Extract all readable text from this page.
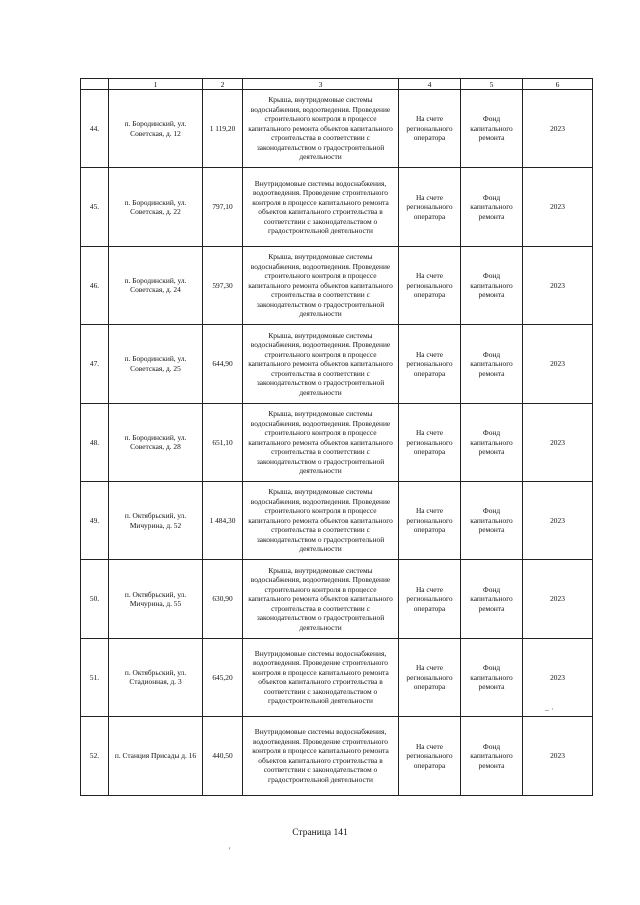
	1	2	3	4	5	6
44.	п. Бородинский, ул. Советская, д. 12	1 119,20	Крыша, внутридомовые системы водоснабжения, водоотведения. Проведение строительного контроля в процессе капитального ремонта объектов капитального строительства в соответствии с законодательством о градостроительной деятельности	На счете регионального оператора	Фонд капитального ремонта	2023
45.	п. Бородинский, ул. Советская, д. 22	797,10	Внутридомовые системы водоснабжения, водоотведения. Проведение строительного контроля в процессе капитального ремонта объектов капитального строительства в соответствии с законодательством о градостроительной деятельности	На счете регионального оператора	Фонд капитального ремонта	2023
46.	п. Бородинский, ул. Советская, д. 24	597,30	Крыша, внутридомовые системы водоснабжения, водоотведения. Проведение строительного контроля в процессе капитального ремонта объектов капитального строительства в соответствии с законодательством о градостроительной деятельности	На счете регионального оператора	Фонд капитального ремонта	2023
47.	п. Бородинский, ул. Советская, д. 25	644,90	Крыша, внутридомовые системы водоснабжения, водоотведения. Проведение строительного контроля в процессе капитального ремонта объектов капитального строительства в соответствии с законодательством о градостроительной деятельности	На счете регионального оператора	Фонд капитального ремонта	2023
48.	п. Бородинский, ул. Советская, д. 28	651,10	Крыша, внутридомовые системы водоснабжения, водоотведения. Проведение строительного контроля в процессе капитального ремонта объектов капитального строительства в соответствии с законодательством о градостроительной деятельности	На счете регионального оператора	Фонд капитального ремонта	2023
49.	п. Октябрьский, ул. Мичурина, д. 52	1 484,30	Крыша, внутридомовые системы водоснабжения, водоотведения. Проведение строительного контроля в процессе капитального ремонта объектов капитального строительства в соответствии с законодательством о градостроительной деятельности	На счете регионального оператора	Фонд капитального ремонта	2023
50.	п. Октябрьский, ул. Мичурина, д. 55	630,90	Крыша, внутридомовые системы водоснабжения, водоотведения. Проведение строительного контроля в процессе капитального ремонта объектов капитального строительства в соответствии с законодательством о градостроительной деятельности	На счете регионального оператора	Фонд капитального ремонта	2023
51.	п. Октябрьский, ул. Стадионная, д. 3	645,20	Внутридомовые системы водоснабжения, водоотведения. Проведение строительного контроля в процессе капитального ремонта объектов капитального строительства в соответствии с законодательством о градостроительной деятельности	На счете регионального оператора	Фонд капитального ремонта	2023
52.	п. Станция Присады д. 16	440,50	Внутридомовые системы водоснабжения, водоотведения. Проведение строительного контроля в процессе капитального ремонта объектов капитального строительства в соответствии с законодательством о градостроительной деятельности	На счете регионального оператора	Фонд капитального ремонта	2023
Страница 141
– ·
'
